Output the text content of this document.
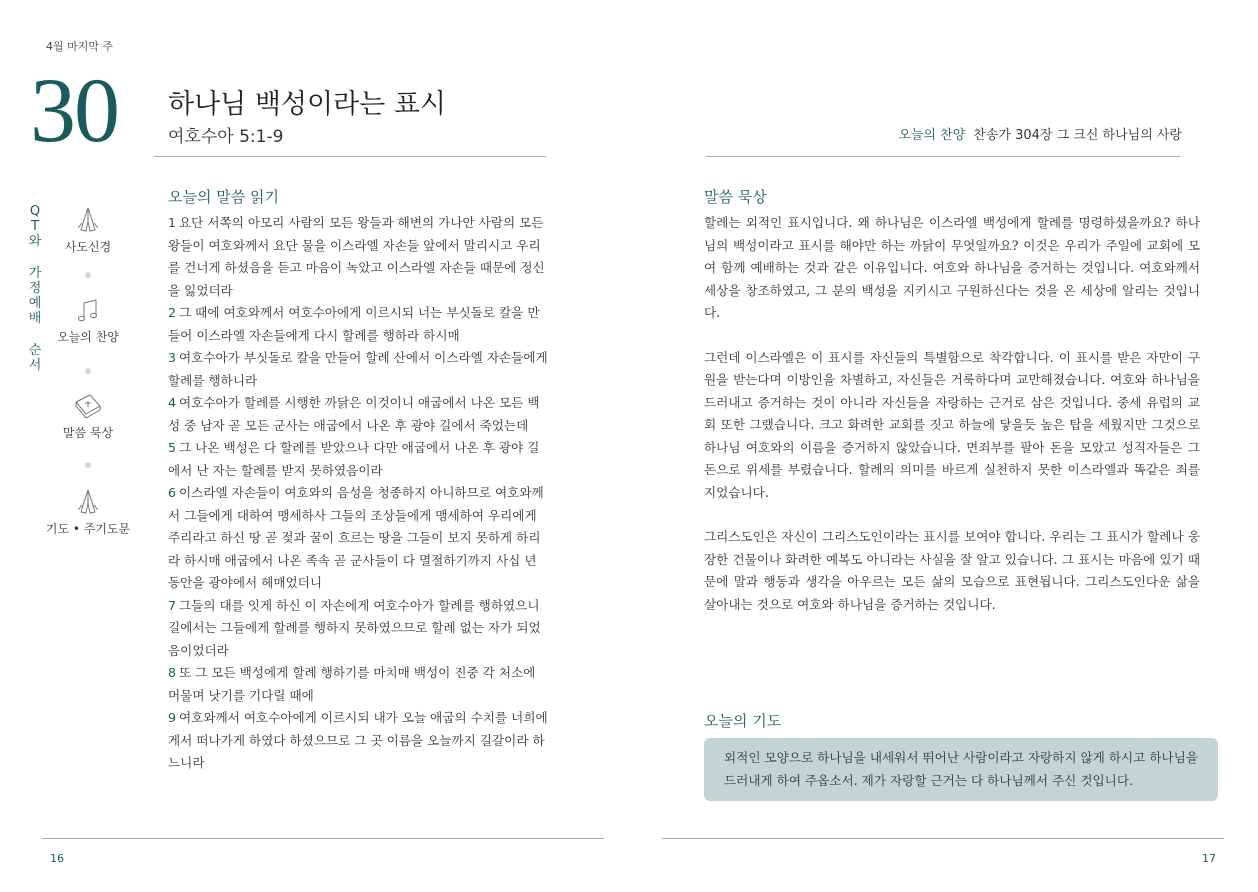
4월 마지막 주
30 하나님 백성이라는 표시
여호수아 5:1-9
Q
T
와
가
정
예
배
순
서
사도신경
오늘의 찬양
말씀 묵상
기도 • 주기도문
오늘의 말씀 읽기

1 요단 서쪽의 아모리 사람의 모든 왕들과 해변의 가나안 사람의 모든 왕들이 여호와께서 요단 물을 이스라엘 자손들 앞에서 말리시고 우리를 건너게 하셨음을 듣고 마음이 녹았고 이스라엘 자손들 때문에 정신을 잃었더라

2 그 때에 여호와께서 여호수아에게 이르시되 너는 부싯돌로 칼을 만들어 이스라엘 자손들에게 다시 할례를 행하라 하시매

3 여호수아가 부싯돌로 칼을 만들어 할례 산에서 이스라엘 자손들에게 할례를 행하니라

4 여호수아가 할례를 시행한 까닭은 이것이니 애굽에서 나온 모든 백성 중 남자 곧 모든 군사는 애굽에서 나온 후 광야 길에서 죽었는데

5 그 나온 백성은 다 할례를 받았으나 다만 애굽에서 나온 후 광야 길에서 난 자는 할례를 받지 못하였음이라

6 이스라엘 자손들이 여호와의 음성을 청종하지 아니하므로 여호와께서 그들에게 대하여 맹세하사 그들의 조상들에게 맹세하여 우리에게 주리라고 하신 땅 곧 젖과 꿀이 흐르는 땅을 그들이 보지 못하게 하리라 하시매 애굽에서 나온 족속 곧 군사들이 다 멸절하기까지 사십 년 동안을 광야에서 헤매었더니

7 그들의 대를 잇게 하신 이 자손에게 여호수아가 할례를 행하였으니 길에서는 그들에게 할례를 행하지 못하였으므로 할례 없는 자가 되었음이었더라

8 또 그 모든 백성에게 할례 행하기를 마치매 백성이 진중 각 처소에 머물며 낫기를 기다릴 때에

9 여호와께서 여호수아에게 이르시되 내가 오늘 애굽의 수치를 너희에게서 떠나가게 하였다 하셨으므로 그 곳 이름을 오늘까지 길갈이라 하느니라

16
오늘의 찬양 찬송가 304장 그 크신 하나님의 사랑
말씀 묵상

할례는 외적인 표시입니다. 왜 하나님은 이스라엘 백성에게 할례를 명령하셨을까요? 하나님의 백성이라고 표시를 해야만 하는 까닭이 무엇일까요? 이것은 우리가 주일에 교회에 모여 함께 예배하는 것과 같은 이유입니다. 여호와 하나님을 증거하는 것입니다. 여호와께서 세상을 창조하였고, 그 분의 백성을 지키시고 구원하신다는 것을 온 세상에 알리는 것입니다.

그런데 이스라엘은 이 표시를 자신들의 특별함으로 착각합니다. 이 표시를 받은 자만이 구원을 받는다며 이방인을 차별하고, 자신들은 거룩하다며 교만해졌습니다. 여호와 하나님을 드러내고 증거하는 것이 아니라 자신들을 자랑하는 근거로 삼은 것입니다. 중세 유럽의 교회 또한 그랬습니다. 크고 화려한 교회를 짓고 하늘에 닿을듯 높은 탑을 세웠지만 그것으로 하나님 여호와의 이름을 증거하지 않았습니다. 면죄부를 팔아 돈을 모았고 성직자들은 그 돈으로 위세를 부렸습니다. 할례의 의미를 바르게 실천하지 못한 이스라엘과 똑같은 죄를 지었습니다.

그리스도인은 자신이 그리스도인이라는 표시를 보여야 합니다. 우리는 그 표시가 할례나 웅장한 건물이나 화려한 예복도 아니라는 사실을 잘 알고 있습니다. 그 표시는 마음에 있기 때문에 말과 행동과 생각을 아우르는 모든 삶의 모습으로 표현됩니다. 그리스도인다운 삶을 살아내는 것으로 여호와 하나님을 증거하는 것입니다.

오늘의 기도
외적인 모양으로 하나님을 내세워서 뛰어난 사람이라고 자랑하지 않게 하시고 하나님을 드러내게 하여 주옵소서. 제가 자랑할 근거는 다 하나님께서 주신 것입니다.
17
